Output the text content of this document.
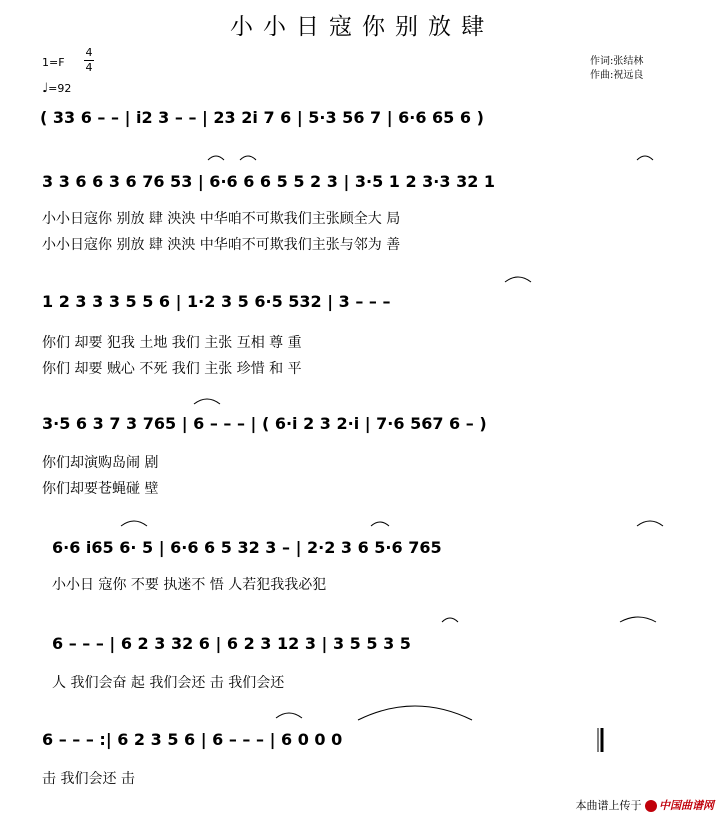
小小日寇你别放肆
1=F
4
4
♩=92
作词:张结林
作曲:祝远良
( 33 6 – – | i2 3 – – | 23 2i 7 6 | 5·3 56 7 | 6·6 65 6 )
3 3 6 6 3 6 76 53 | 6·6 6 6 5 5 2 3 | 3·5 1 2 3·3 32 1
小小日寇你 别放 肆 泱泱 中华咱不可欺我们主张顾全大 局
小小日寇你 别放 肆 泱泱 中华咱不可欺我们主张与邻为 善
1 2 3 3 3 5 5 6 | 1·2 3 5 6·5 532 | 3 – – –
你们 却要 犯我 土地 我们 主张 互相 尊 重
你们 却要 贼心 不死 我们 主张 珍惜 和 平
3·5 6 3 7 3 765 | 6 – – – | ( 6·i 2 3 2·i | 7·6 567 6 – )
你们却演购岛闹 剧
你们却要苍蝇碰 壁
6·6 i65 6· 5 | 6·6 6 5 32 3 – | 2·2 3 6 5·6 765
小小日 寇你 不要 执迷不 悟 人若犯我我必犯
6 – – – | 6 2 3 32 6 | 6 2 3 12 3 | 3 5 5 3 5
人 我们会奋 起 我们会还 击 我们会还
6 – – – :| 6 2 3 5 6 | 6 – – – | 6 0 0 0
击 我们会还 击
本曲谱上传于 中国曲谱网
